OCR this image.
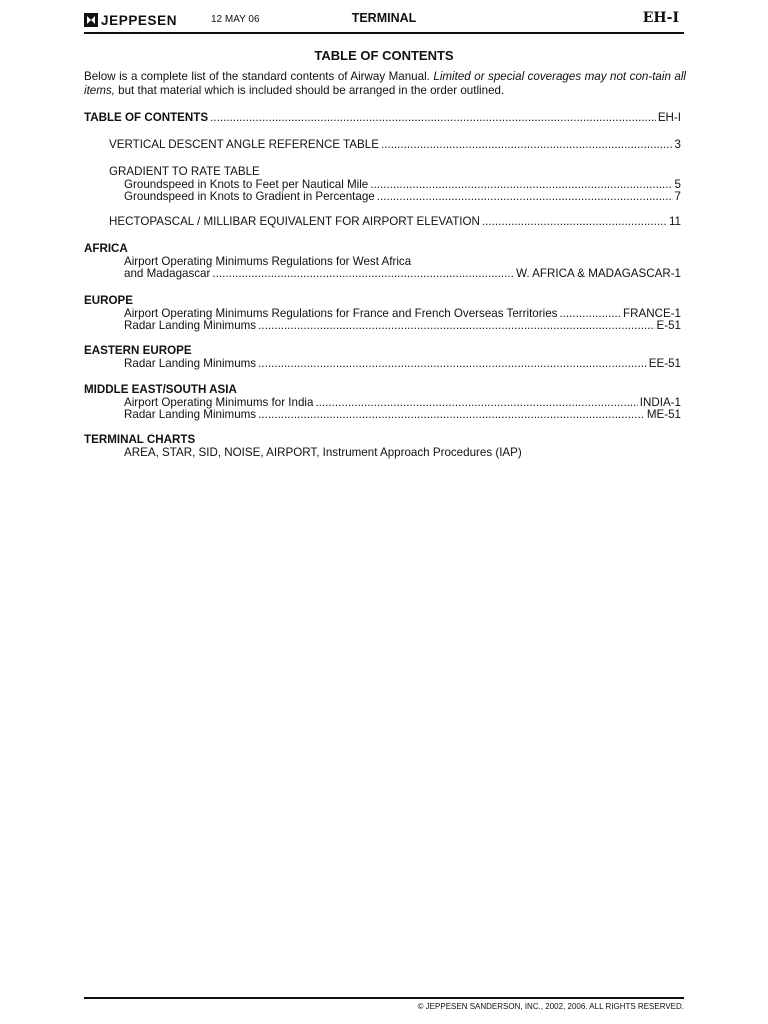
JEPPESEN	12 MAY 06	TERMINAL	EH-I
TABLE OF CONTENTS
Below is a complete list of the standard contents of Airway Manual. Limited or special coverages may not con-tain all items, but that material which is included should be arranged in the order outlined.
TABLE OF CONTENTS . . .	EH-I
VERTICAL DESCENT ANGLE REFERENCE TABLE . . .	3
GRADIENT TO RATE TABLE
Groundspeed in Knots to Feet per Nautical Mile . . .	5
Groundspeed in Knots to Gradient in Percentage . . .	7
HECTOPASCAL / MILLIBAR EQUIVALENT FOR AIRPORT ELEVATION . . .	11
AFRICA
Airport Operating Minimums Regulations for West Africa
and Madagascar . . .	W. AFRICA & MADAGASCAR-1
EUROPE
Airport Operating Minimums Regulations for France and French Overseas Territories . . .	FRANCE-1
Radar Landing Minimums . . .	E-51
EASTERN EUROPE
Radar Landing Minimums . . .	EE-51
MIDDLE EAST/SOUTH ASIA
Airport Operating Minimums for India . . .	INDIA-1
Radar Landing Minimums . . .	ME-51
TERMINAL CHARTS
AREA, STAR, SID, NOISE, AIRPORT, Instrument Approach Procedures (IAP)
© JEPPESEN SANDERSON, INC., 2002, 2006. ALL RIGHTS RESERVED.
